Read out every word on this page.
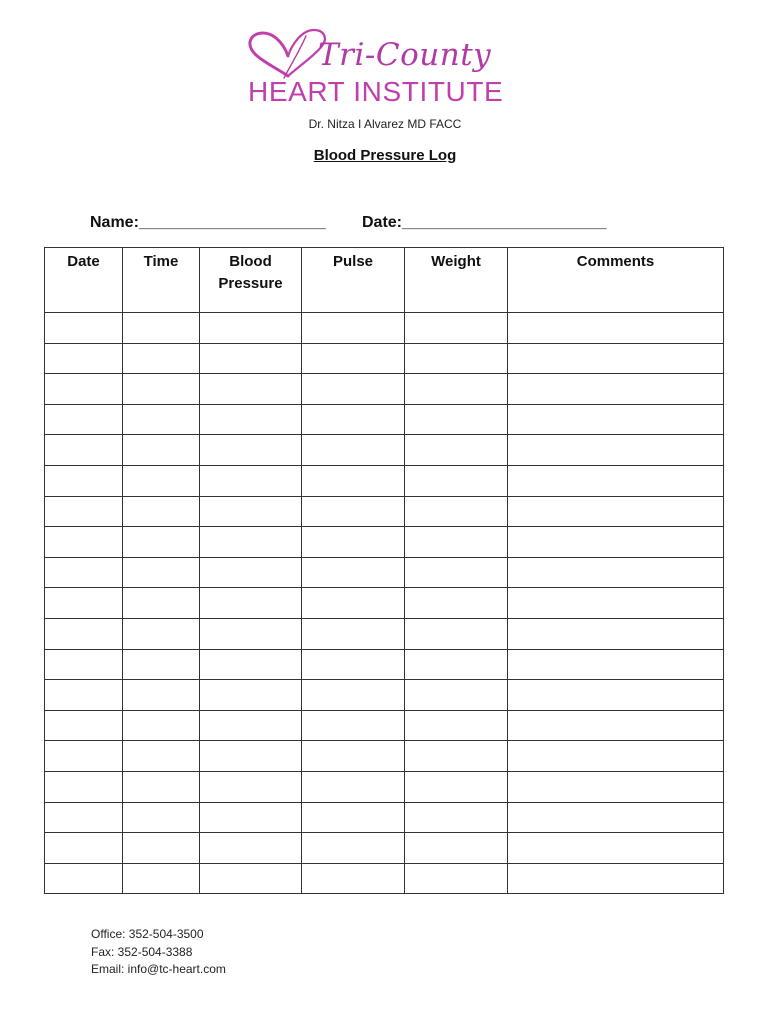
Tri-County
HEART INSTITUTE
Dr. Nitza I Alvarez MD FACC
Blood Pressure Log
Name:_____________________ Date:_______________________
Date	Time	Blood Pressure	Pulse	Weight	Comments

Office: 352-504-3500
Fax: 352-504-3388
Email: info@tc-heart.com
